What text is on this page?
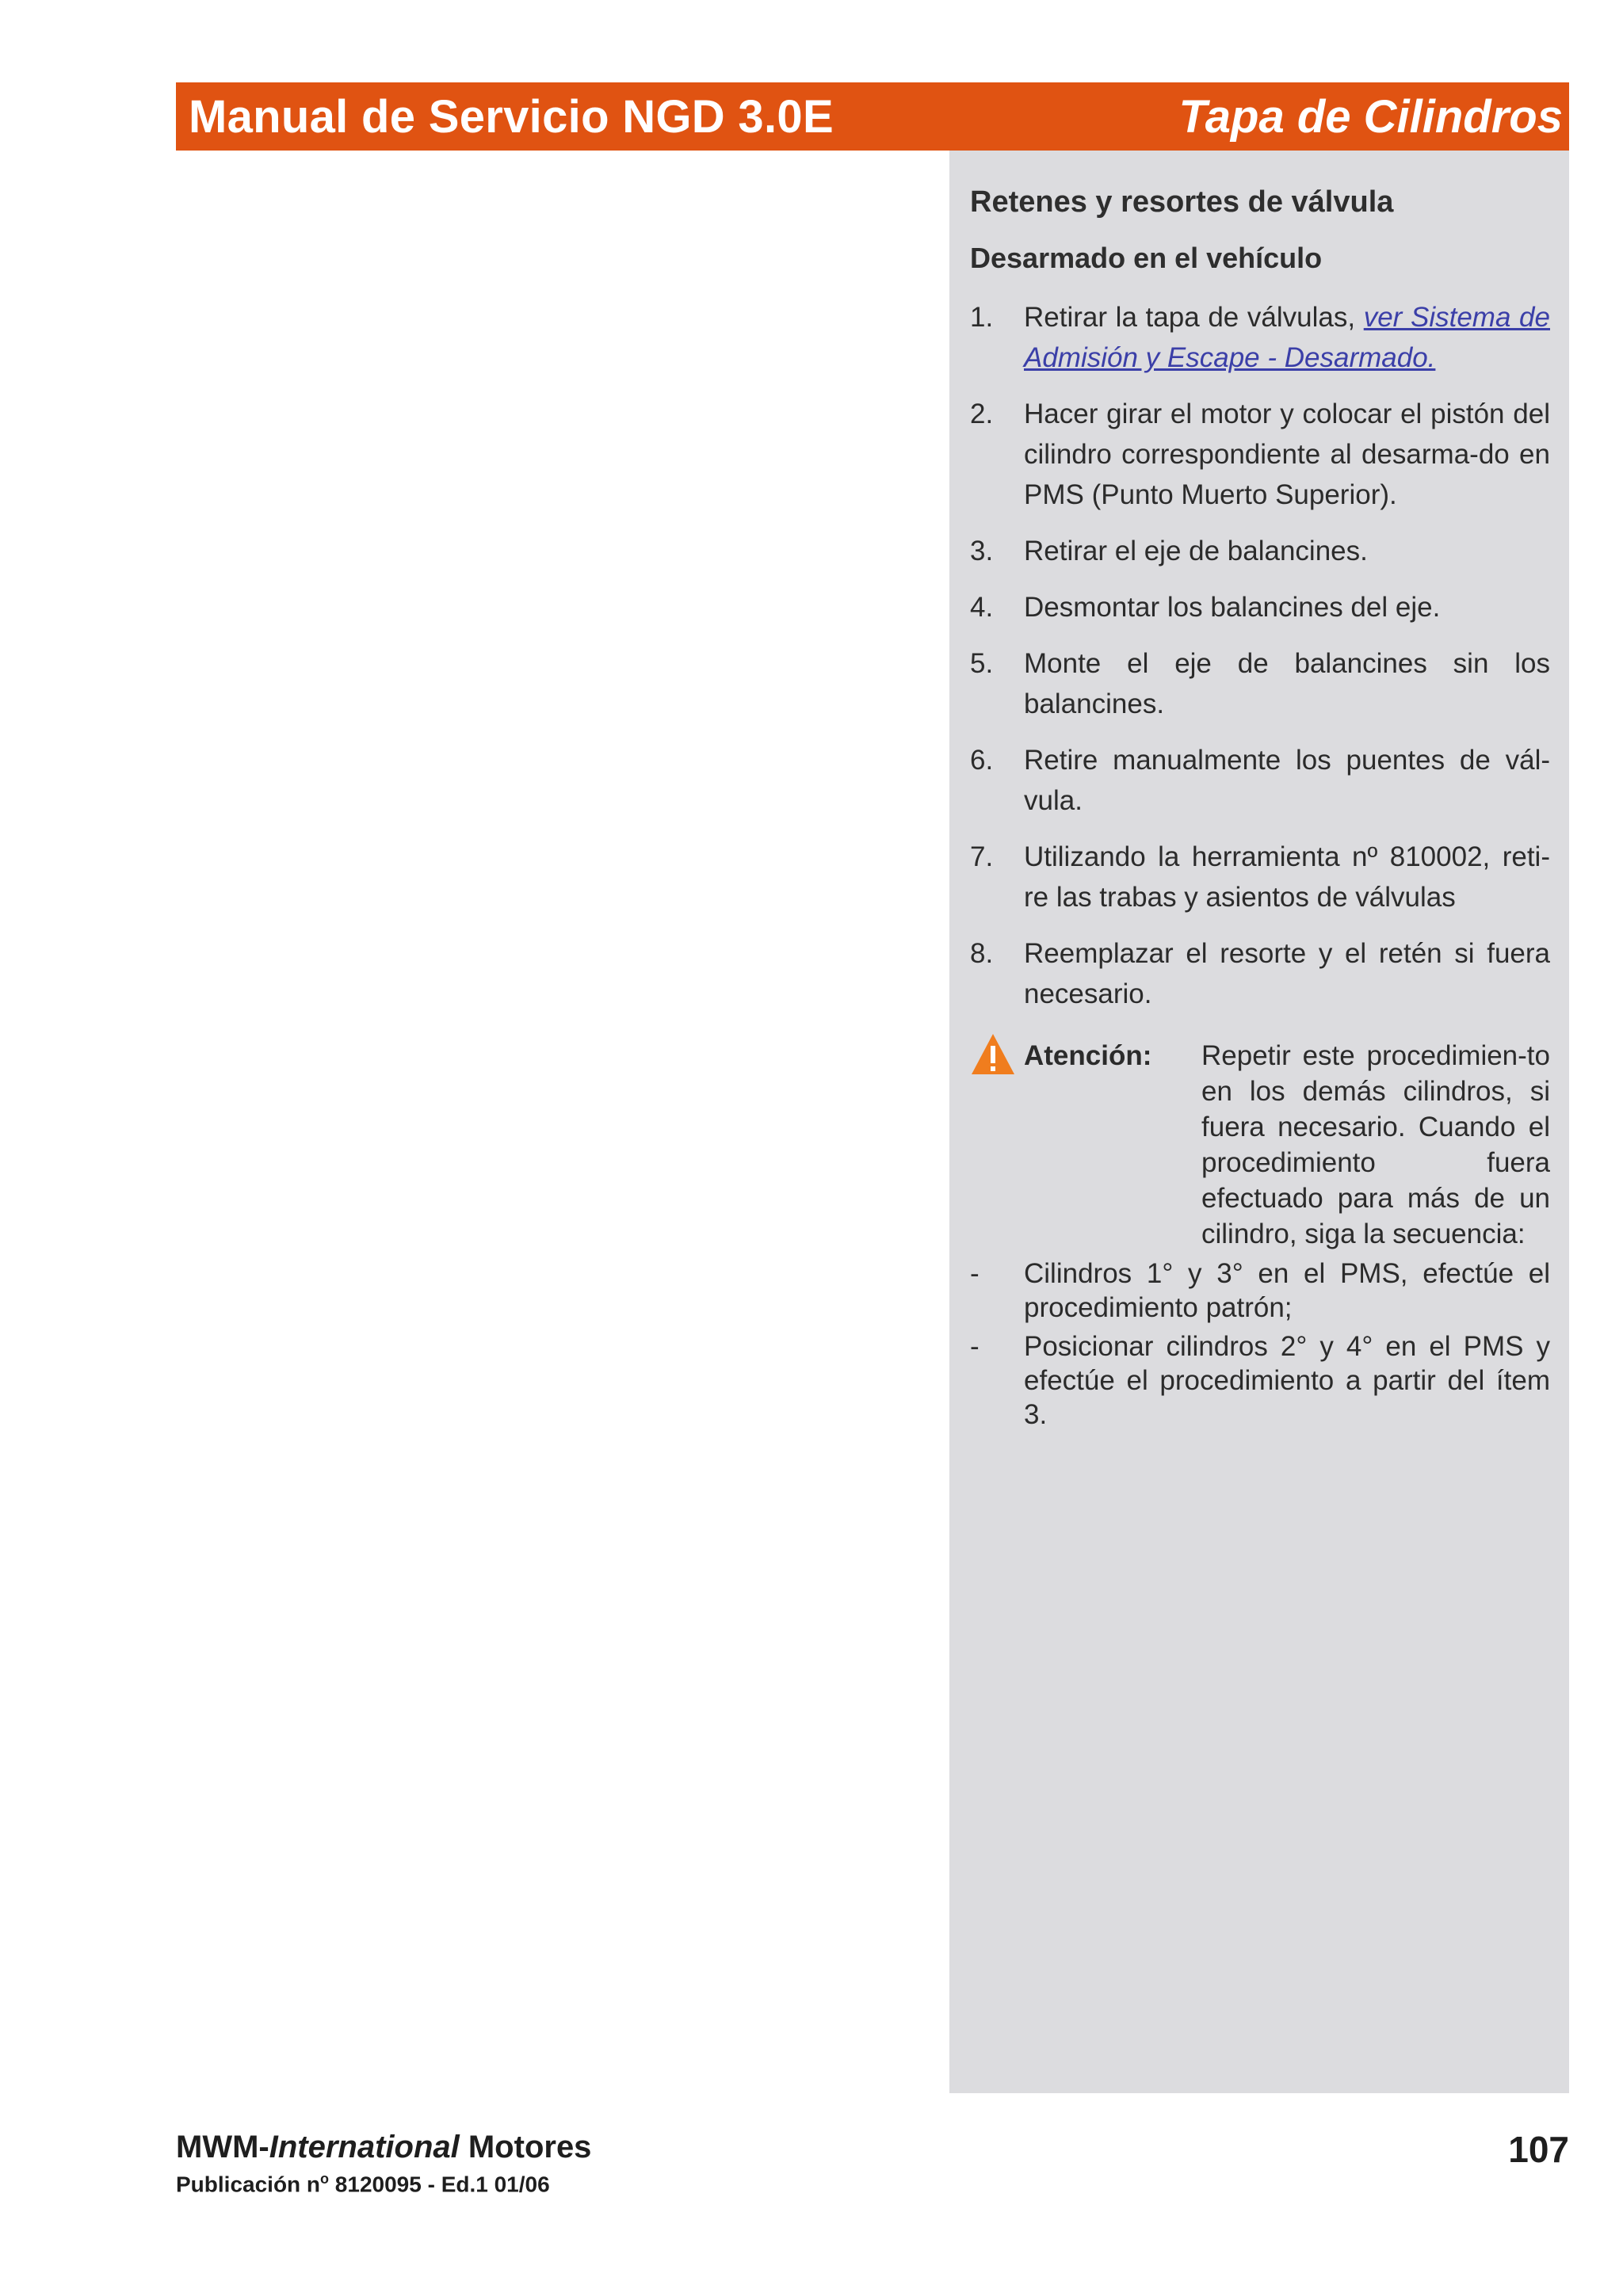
Manual de Servicio NGD 3.0E	Tapa de Cilindros
Retenes y resortes de válvula
Desarmado en el vehículo
1.	Retirar la tapa de válvulas, ver Sistema de Admisión y Escape - Desarmado.
2.	Hacer girar el motor y colocar el pistón del cilindro correspondiente al desarma-do en PMS (Punto Muerto Superior).
3.	Retirar el eje de balancines.
4.	Desmontar los balancines del eje.
5.	Monte el eje de balancines sin los balancines.
6.	Retire manualmente los puentes de vál-vula.
7.	Utilizando la herramienta nº 810002, reti-re las trabas y asientos de válvulas
8.	Reemplazar el resorte y el retén si fuera necesario.
Atención:	Repetir este procedimien-to en los demás cilindros, si fuera necesario. Cuando el procedimiento fuera efectuado para más de un cilindro, siga la secuencia:
-	Cilindros 1° y 3° en el PMS, efectúe el procedimiento patrón;
-	Posicionar cilindros 2° y 4° en el PMS y efectúe el procedimiento a partir del ítem 3.
MWM-International Motores
Publicación $n^o$ 8120095 - Ed.1 01/06
107
